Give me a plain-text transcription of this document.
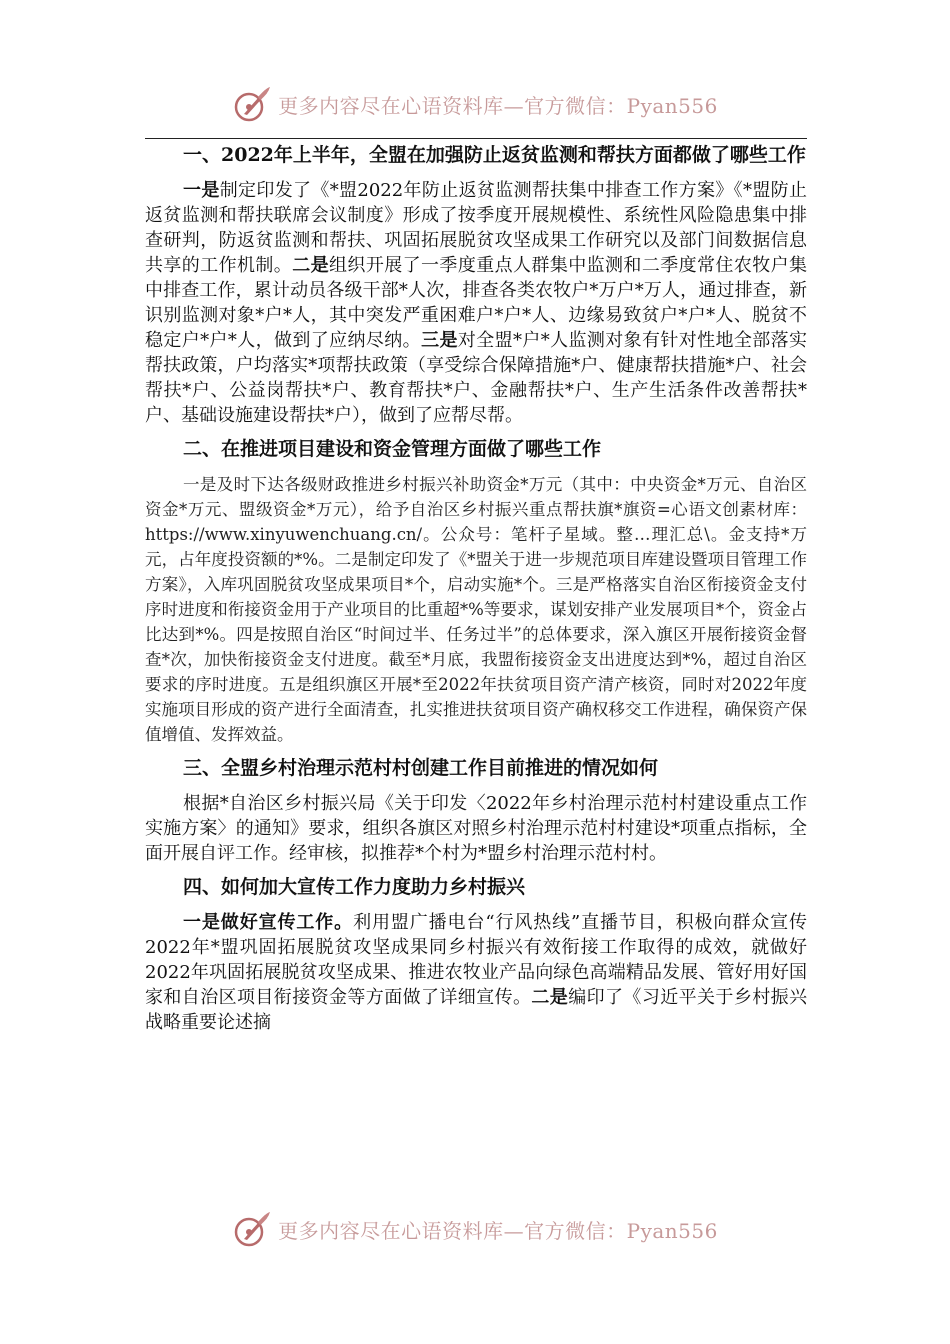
更多内容尽在心语资料库—官方微信：Pyan556
一、2022年上半年，全盟在加强防止返贫监测和帮扶方面都做了哪些工作

一是制定印发了《*盟2022年防止返贫监测帮扶集中排查工作方案》《*盟防止返贫监测和帮扶联席会议制度》形成了按季度开展规模性、系统性风险隐患集中排查研判，防返贫监测和帮扶、巩固拓展脱贫攻坚成果工作研究以及部门间数据信息共享的工作机制。二是组织开展了一季度重点人群集中监测和二季度常住农牧户集中排查工作，累计动员各级干部*人次，排查各类农牧户*万户*万人，通过排查，新识别监测对象*户*人，其中突发严重困难户*户*人、边缘易致贫户*户*人、脱贫不稳定户*户*人，做到了应纳尽纳。三是对全盟*户*人监测对象有针对性地全部落实帮扶政策，户均落实*项帮扶政策（享受综合保障措施*户、健康帮扶措施*户、社会帮扶*户、公益岗帮扶*户、教育帮扶*户、金融帮扶*户、生产生活条件改善帮扶*户、基础设施建设帮扶*户），做到了应帮尽帮。

二、在推进项目建设和资金管理方面做了哪些工作

一是及时下达各级财政推进乡村振兴补助资金*万元（其中：中央资金*万元、自治区资金*万元、盟级资金*万元），给予自治区乡村振兴重点帮扶旗*旗资=心语文创素材库：https://www.xinyuwenchuang.cn/。公众号：笔杆子星域。整…理汇总\。金支持*万元，占年度投资额的*%。二是制定印发了《*盟关于进一步规范项目库建设暨项目管理工作方案》，入库巩固脱贫攻坚成果项目*个，启动实施*个。三是严格落实自治区衔接资金支付序时进度和衔接资金用于产业项目的比重超*%等要求，谋划安排产业发展项目*个，资金占比达到*%。四是按照自治区“时间过半、任务过半”的总体要求，深入旗区开展衔接资金督查*次，加快衔接资金支付进度。截至*月底，我盟衔接资金支出进度达到*%，超过自治区要求的序时进度。五是组织旗区开展*至2022年扶贫项目资产清产核资，同时对2022年度实施项目形成的资产进行全面清查，扎实推进扶贫项目资产确权移交工作进程，确保资产保值增值、发挥效益。

三、全盟乡村治理示范村村创建工作目前推进的情况如何

根据*自治区乡村振兴局《关于印发〈2022年乡村治理示范村村建设重点工作实施方案〉的通知》要求，组织各旗区对照乡村治理示范村村建设*项重点指标，全面开展自评工作。经审核，拟推荐*个村为*盟乡村治理示范村村。

四、如何加大宣传工作力度助力乡村振兴

一是做好宣传工作。利用盟广播电台“行风热线”直播节目，积极向群众宣传2022年*盟巩固拓展脱贫攻坚成果同乡村振兴有效衔接工作取得的成效，就做好2022年巩固拓展脱贫攻坚成果、推进农牧业产品向绿色高端精品发展、管好用好国家和自治区项目衔接资金等方面做了详细宣传。二是编印了《习近平关于乡村振兴战略重要论述摘

更多内容尽在心语资料库—官方微信：Pyan556
